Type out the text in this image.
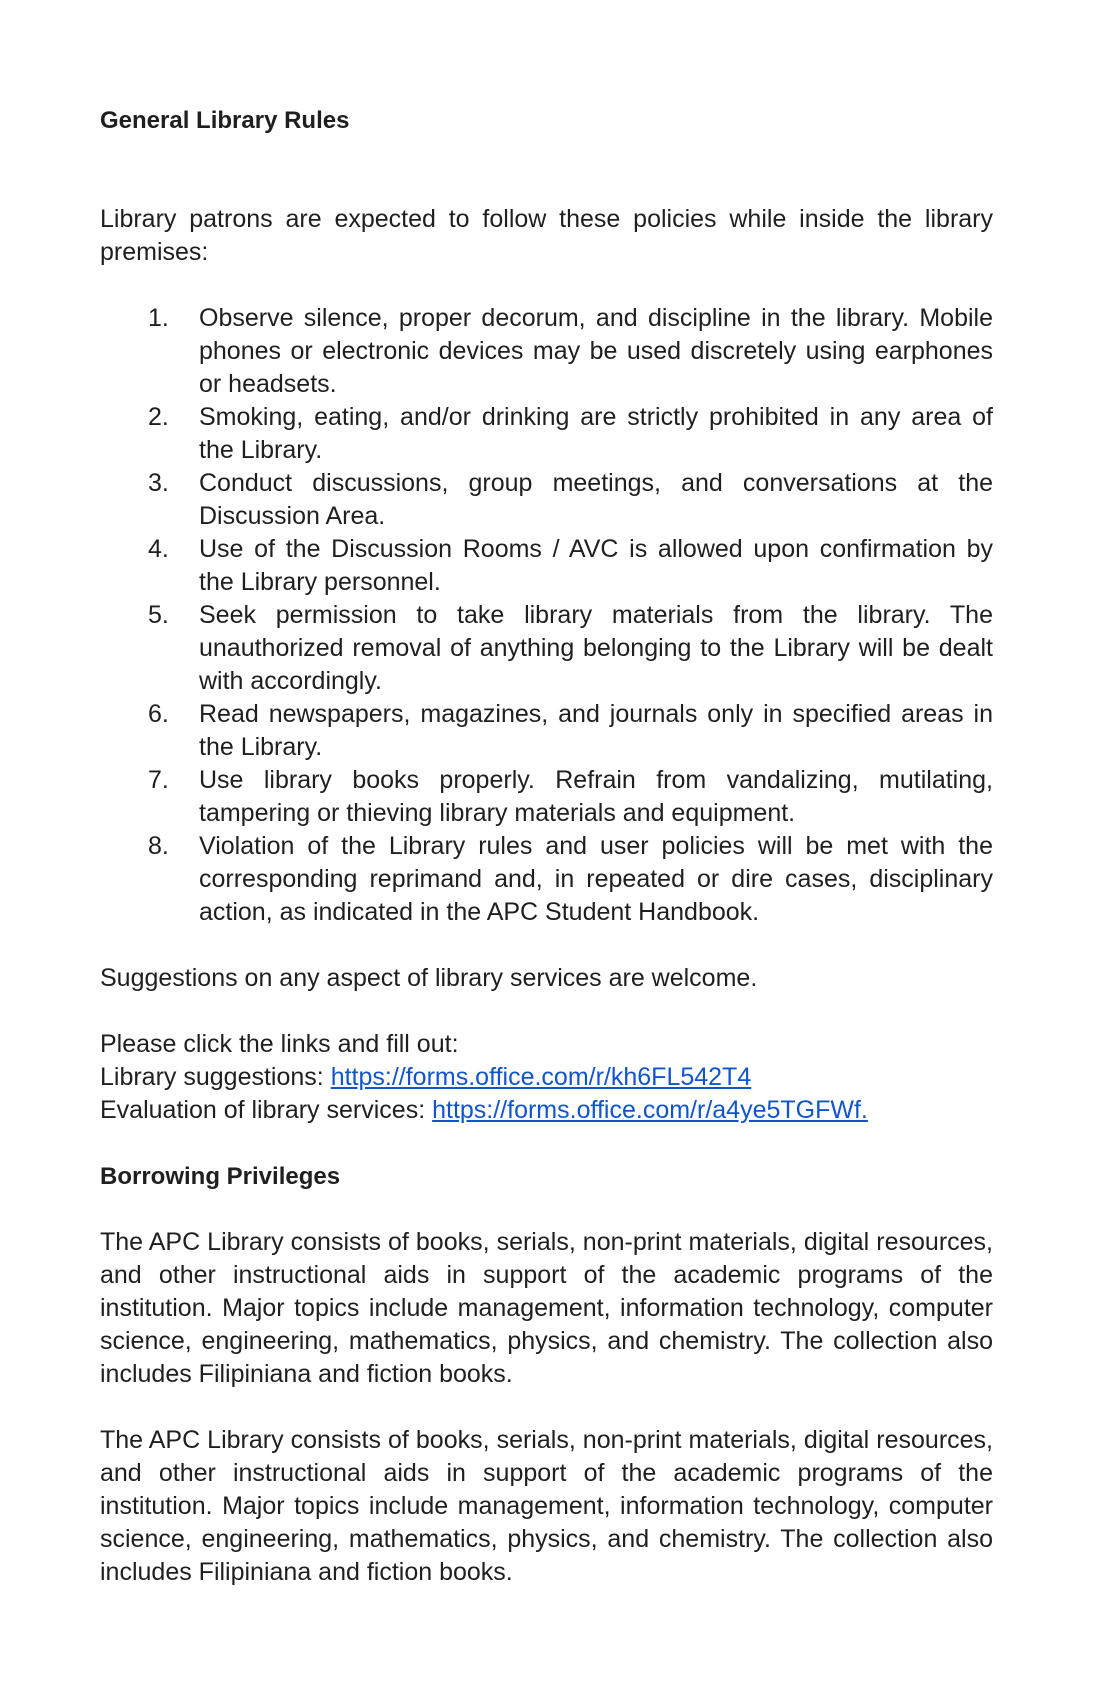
General Library Rules

Library patrons are expected to follow these policies while inside the library premises:

1. Observe silence, proper decorum, and discipline in the library. Mobile phones or electronic devices may be used discretely using earphones or headsets.
2. Smoking, eating, and/or drinking are strictly prohibited in any area of the Library.
3. Conduct discussions, group meetings, and conversations at the Discussion Area.
4. Use of the Discussion Rooms / AVC is allowed upon confirmation by the Library personnel.
5. Seek permission to take library materials from the library. The unauthorized removal of anything belonging to the Library will be dealt with accordingly.
6. Read newspapers, magazines, and journals only in specified areas in the Library.
7. Use library books properly. Refrain from vandalizing, mutilating, tampering or thieving library materials and equipment.
8. Violation of the Library rules and user policies will be met with the corresponding reprimand and, in repeated or dire cases, disciplinary action, as indicated in the APC Student Handbook.

Suggestions on any aspect of library services are welcome.

Please click the links and fill out:

Library suggestions: https://forms.office.com/r/kh6FL542T4

Evaluation of library services: https://forms.office.com/r/a4ye5TGFWf.

Borrowing Privileges

The APC Library consists of books, serials, non-print materials, digital resources, and other instructional aids in support of the academic programs of the institution. Major topics include management, information technology, computer science, engineering, mathematics, physics, and chemistry. The collection also includes Filipiniana and fiction books.

The APC Library consists of books, serials, non-print materials, digital resources, and other instructional aids in support of the academic programs of the institution. Major topics include management, information technology, computer science, engineering, mathematics, physics, and chemistry. The collection also includes Filipiniana and fiction books.
